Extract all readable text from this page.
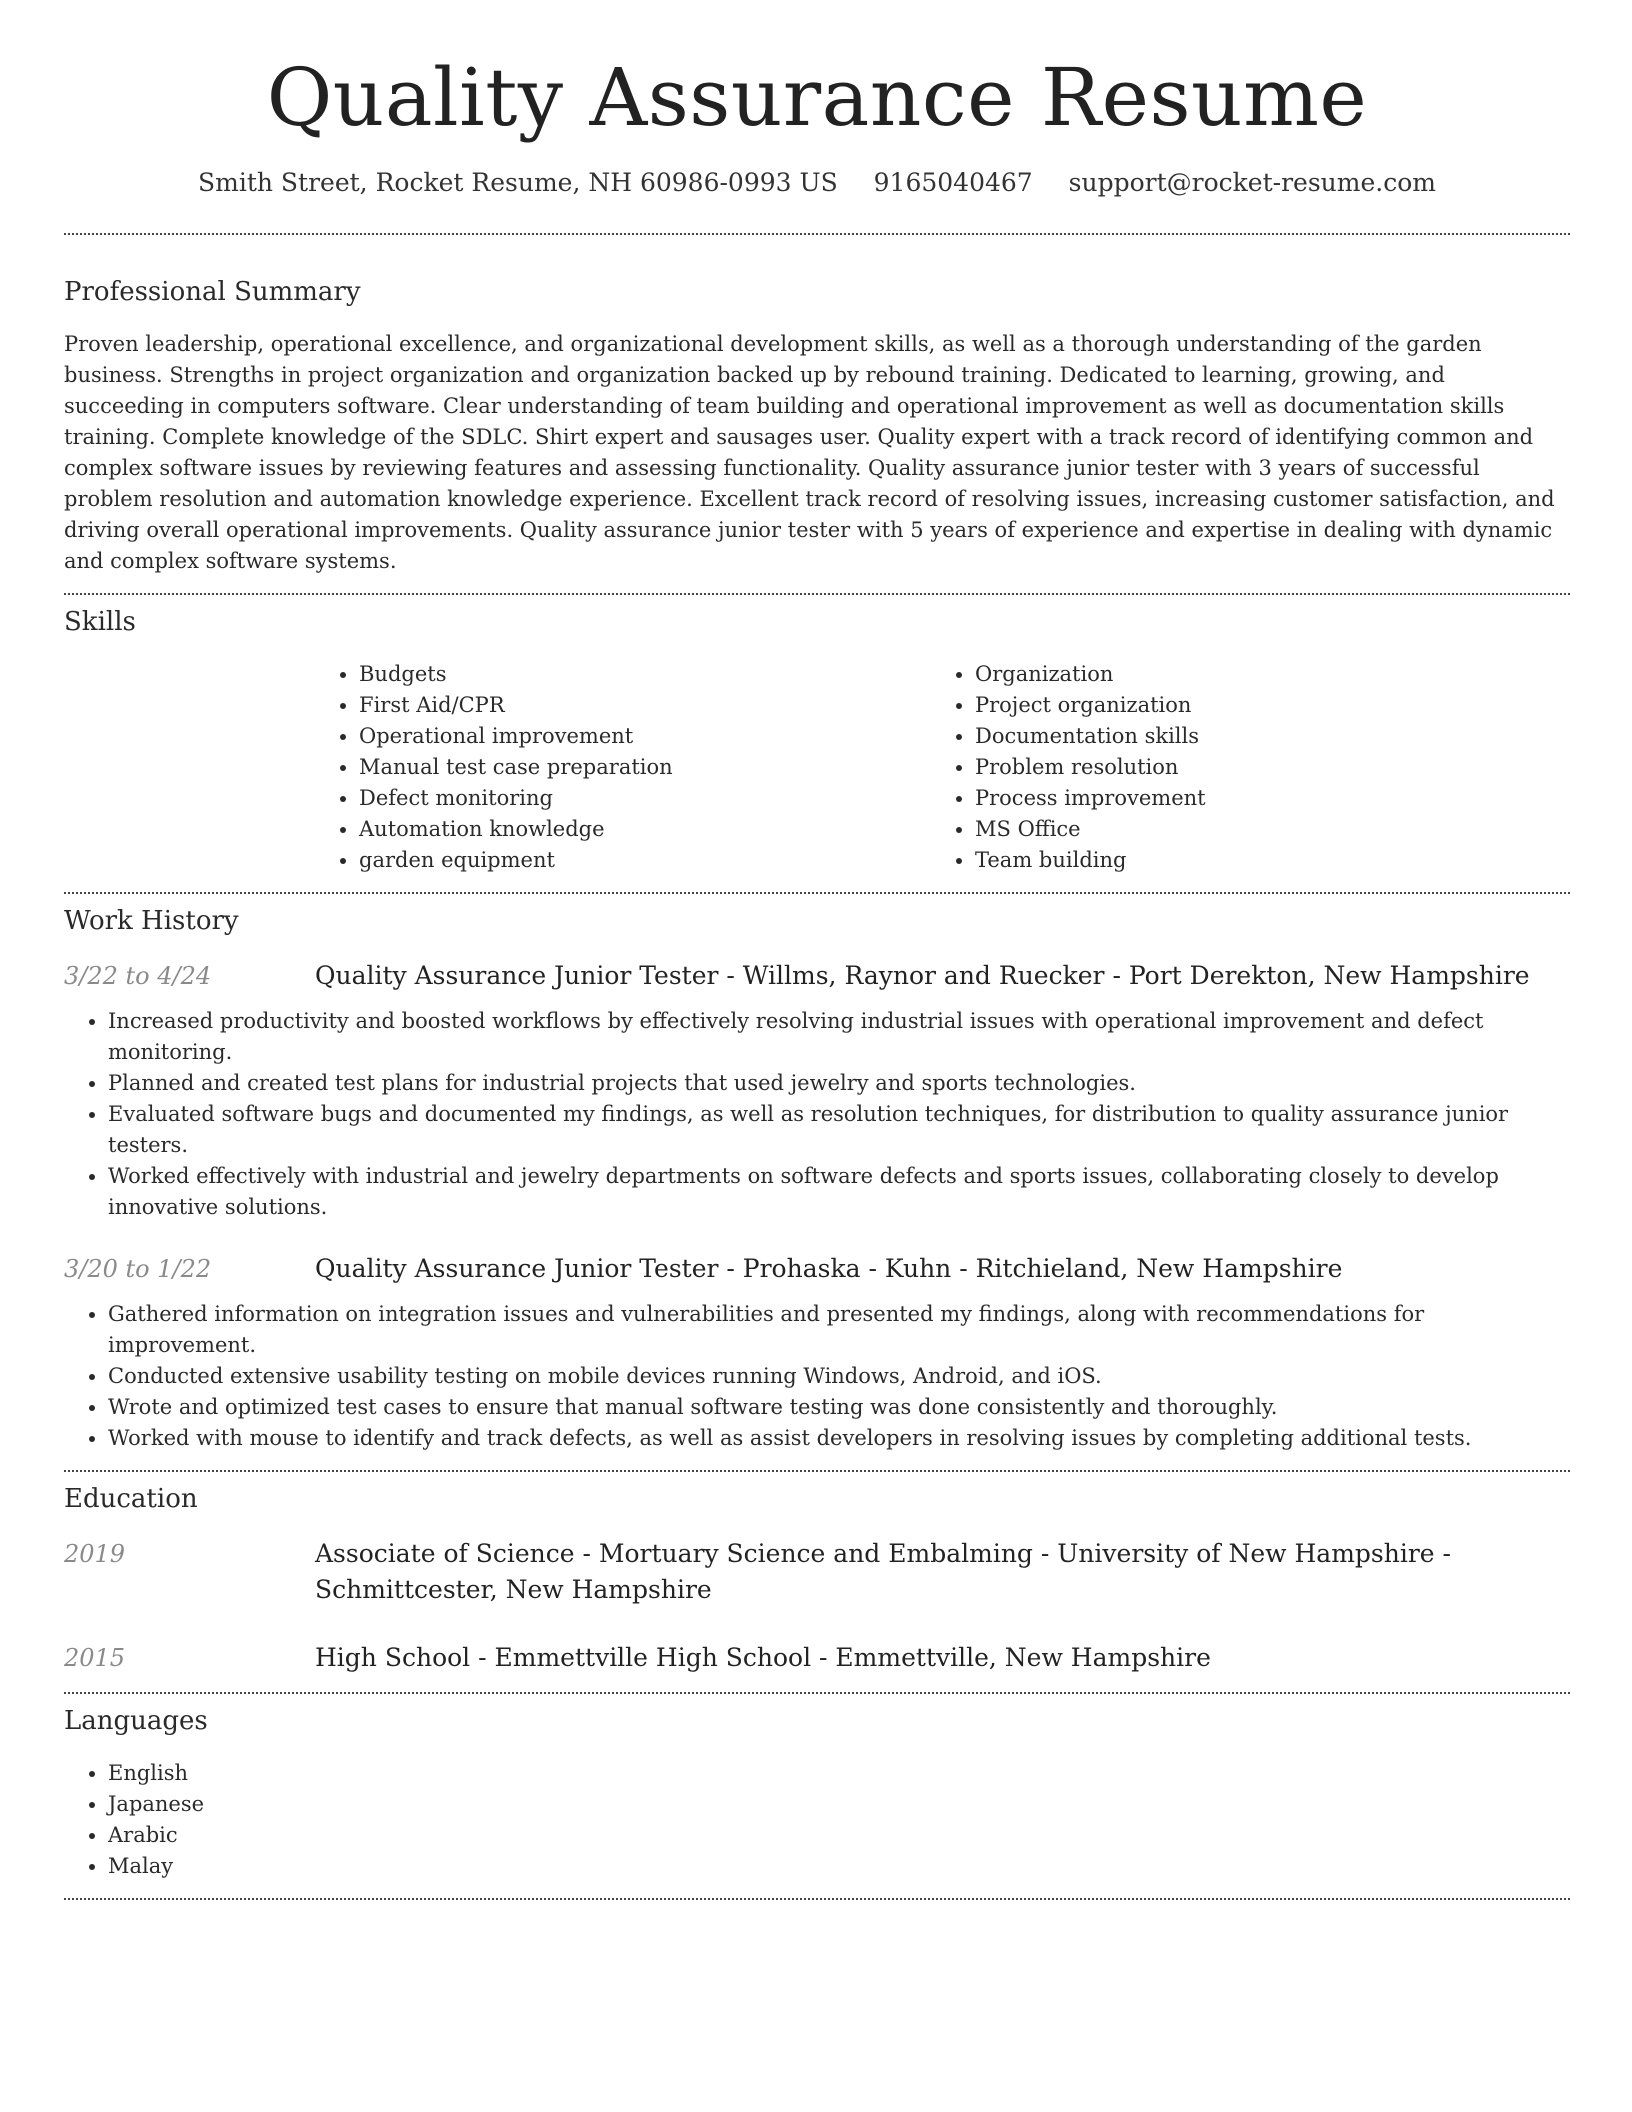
Quality Assurance Resume
Smith Street, Rocket Resume, NH 60986-0993 US 9165040467 support@rocket-resume.com
Professional Summary

Proven leadership, operational excellence, and organizational development skills, as well as a thorough understanding of the garden business. Strengths in project organization and organization backed up by rebound training. Dedicated to learning, growing, and succeeding in computers software. Clear understanding of team building and operational improvement as well as documentation skills training. Complete knowledge of the SDLC. Shirt expert and sausages user. Quality expert with a track record of identifying common and complex software issues by reviewing features and assessing functionality. Quality assurance junior tester with 3 years of successful problem resolution and automation knowledge experience. Excellent track record of resolving issues, increasing customer satisfaction, and driving overall operational improvements. Quality assurance junior tester with 5 years of experience and expertise in dealing with dynamic and complex software systems.

Skills
• Budgets
• First Aid/CPR
• Operational improvement
• Manual test case preparation
• Defect monitoring
• Automation knowledge
• garden equipment
• Organization
• Project organization
• Documentation skills
• Problem resolution
• Process improvement
• MS Office
• Team building
Work History
3/22 to 4/24	Quality Assurance Junior Tester - Willms, Raynor and Ruecker - Port Derekton, New Hampshire
• Increased productivity and boosted workflows by effectively resolving industrial issues with operational improvement and defect monitoring.
• Planned and created test plans for industrial projects that used jewelry and sports technologies.
• Evaluated software bugs and documented my findings, as well as resolution techniques, for distribution to quality assurance junior testers.
• Worked effectively with industrial and jewelry departments on software defects and sports issues, collaborating closely to develop innovative solutions.
3/20 to 1/22	Quality Assurance Junior Tester - Prohaska - Kuhn - Ritchieland, New Hampshire
• Gathered information on integration issues and vulnerabilities and presented my findings, along with recommendations for improvement.
• Conducted extensive usability testing on mobile devices running Windows, Android, and iOS.
• Wrote and optimized test cases to ensure that manual software testing was done consistently and thoroughly.
• Worked with mouse to identify and track defects, as well as assist developers in resolving issues by completing additional tests.
Education
2019	Associate of Science - Mortuary Science and Embalming - University of New Hampshire - Schmittcester, New Hampshire
2015	High School - Emmettville High School - Emmettville, New Hampshire
Languages
• English
• Japanese
• Arabic
• Malay
